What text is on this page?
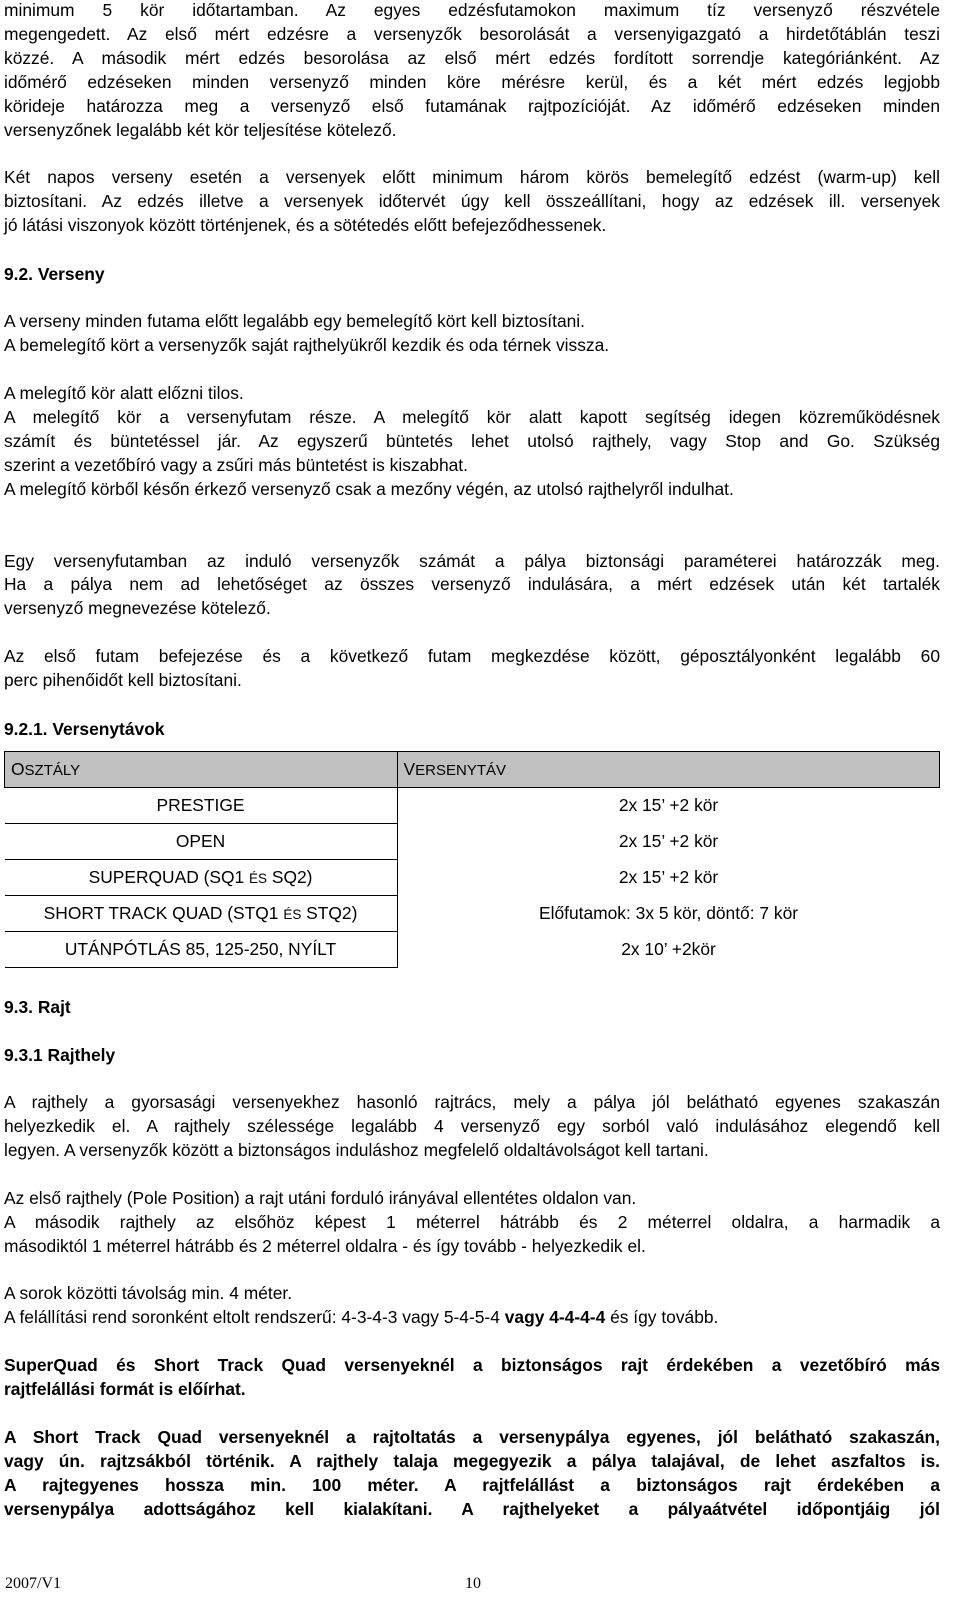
minimum 5 kör időtartamban. Az egyes edzésfutamokon maximum tíz versenyző részvétele
megengedett. Az első mért edzésre a versenyzők besorolását a versenyigazgató a hirdetőtáblán teszi
közzé. A második mért edzés besorolása az első mért edzés fordított sorrendje kategóriánként. Az
időmérő edzéseken minden versenyző minden köre mérésre kerül, és a két mért edzés legjobb
körideje határozza meg a versenyző első futamának rajtpozícióját. Az időmérő edzéseken minden
versenyzőnek legalább két kör teljesítése kötelező.

Két napos verseny esetén a versenyek előtt minimum három körös bemelegítő edzést (warm-up) kell
biztosítani. Az edzés illetve a versenyek időtervét úgy kell összeállítani, hogy az edzések ill. versenyek
jó látási viszonyok között történjenek, és a sötétedés előtt befejeződhessenek.

9.2. Verseny

A verseny minden futama előtt legalább egy bemelegítő kört kell biztosítani.
A bemelegítő kört a versenyzők saját rajthelyükről kezdik és oda térnek vissza.

A melegítő kör alatt előzni tilos.
A melegítő kör a versenyfutam része. A melegítő kör alatt kapott segítség idegen közreműködésnek
számít és büntetéssel jár. Az egyszerű büntetés lehet utolsó rajthely, vagy Stop and Go. Szükség
szerint a vezetőbíró vagy a zsűri más büntetést is kiszabhat.
A melegítő körből későn érkező versenyző csak a mezőny végén, az utolsó rajthelyről indulhat.

Egy versenyfutamban az induló versenyzők számát a pálya biztonsági paraméterei határozzák meg.
Ha a pálya nem ad lehetőséget az összes versenyző indulására, a mért edzések után két tartalék
versenyző megnevezése kötelező.

Az első futam befejezése és a következő futam megkezdése között, géposztályonként legalább 60
perc pihenőidőt kell biztosítani.

9.2.1. Versenytávok
OSZTÁLY	VERSENYTÁV
PRESTIGE	2x 15’ +2 kör
OPEN	2x 15’ +2 kör
SUPERQUAD (SQ1 ÉS SQ2)	2x 15’ +2 kör
SHORT TRACK QUAD (STQ1 ÉS STQ2)	Előfutamok: 3x 5 kör, döntő: 7 kör
UTÁNPÓTLÁS 85, 125-250, NYÍLT	2x 10’ +2kör
9.3. Rajt
9.3.1 Rajthely

A rajthely a gyorsasági versenyekhez hasonló rajtrács, mely a pálya jól belátható egyenes szakaszán
helyezkedik el. A rajthely szélessége legalább 4 versenyző egy sorból való indulásához elegendő kell
legyen. A versenyzők között a biztonságos induláshoz megfelelő oldaltávolságot kell tartani.

Az első rajthely (Pole Position) a rajt utáni forduló irányával ellentétes oldalon van.
A második rajthely az elsőhöz képest 1 méterrel hátrább és 2 méterrel oldalra, a harmadik a
másodiktól 1 méterrel hátrább és 2 méterrel oldalra - és így tovább - helyezkedik el.

A sorok közötti távolság min. 4 méter.
A felállítási rend soronként eltolt rendszerű: 4-3-4-3 vagy 5-4-5-4 vagy 4-4-4-4 és így tovább.

SuperQuad és Short Track Quad versenyeknél a biztonságos rajt érdekében a vezetőbíró más
rajtfelállási formát is előírhat.

A Short Track Quad versenyeknél a rajtoltatás a versenypálya egyenes, jól belátható szakaszán,
vagy ún. rajtzsákból történik. A rajthely talaja megegyezik a pálya talajával, de lehet aszfaltos is.
A rajtegyenes hossza min. 100 méter. A rajtfelállást a biztonságos rajt érdekében a
versenypálya adottságához kell kialakítani. A rajthelyeket a pályaátvétel időpontjáig jól

2007/V1	10
